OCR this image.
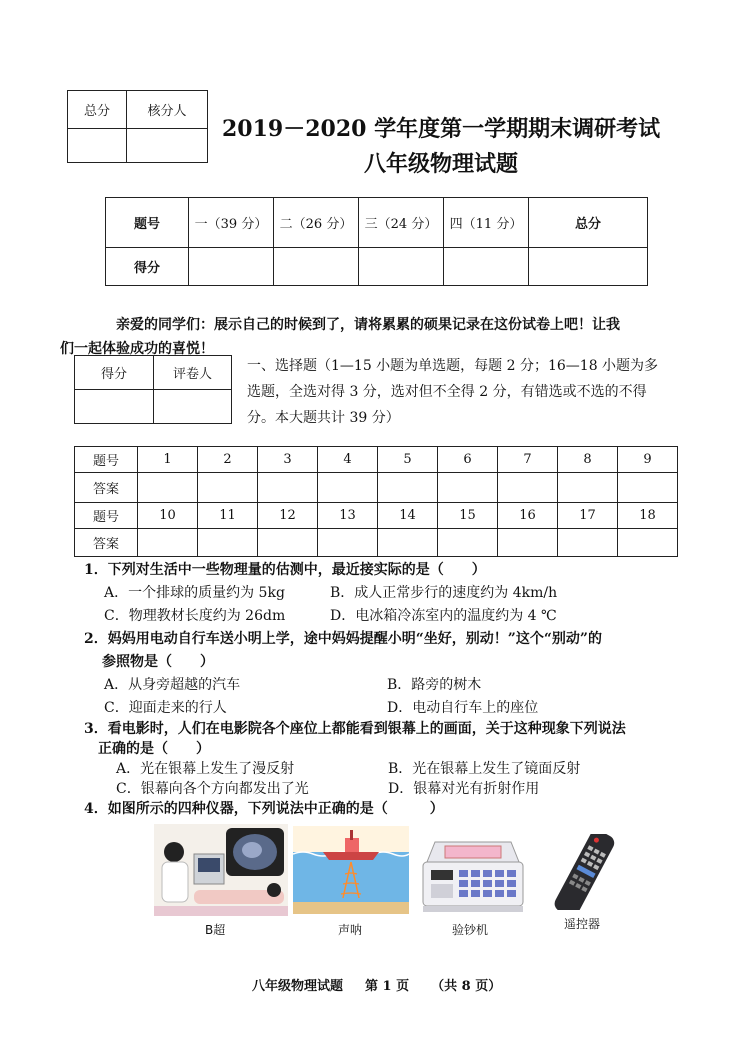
总分	核分人

2019－2020 学年度第一学期期末调研考试
八年级物理试题
题号	一（39 分）	二（26 分）	三（24 分）	四（11 分）	总分
得分					
亲爱的同学们：展示自己的时候到了，请将累累的硕果记录在这份试卷上吧！让我
们一起体验成功的喜悦！
得分	评卷人

一、选择题（1—15 小题为单选题，每题 2 分；16—18 小题为多
选题，全选对得 3 分，选对但不全得 2 分，有错选或不选的不得
分。本大题共计 39 分）
题号	1	2	3	4	5	6	7	8	9
答案									
题号	10	11	12	13	14	15	16	17	18
答案									
1．下列对生活中一些物理量的估测中，最近接实际的是（　　）
A．一个排球的质量约为 5kg	B．成人正常步行的速度约为 4km/h
C．物理教材长度约为 26dm	D．电冰箱冷冻室内的温度约为 4 ℃
2．妈妈用电动自行车送小明上学，途中妈妈提醒小明“坐好，别动！”这个“别动”的
参照物是（　　）
A．从身旁超越的汽车	B．路旁的树木
C．迎面走来的行人	D．电动自行车上的座位
3．看电影时，人们在电影院各个座位上都能看到银幕上的画面，关于这种现象下列说法
正确的是（　　）
A．光在银幕上发生了漫反射	B．光在银幕上发生了镜面反射
C．银幕向各个方向都发出了光	D．银幕对光有折射作用
4．如图所示的四种仪器，下列说法中正确的是（　　　）
B超	声呐	验钞机	遥控器
八年级物理试题 第 1 页 （共 8 页）
